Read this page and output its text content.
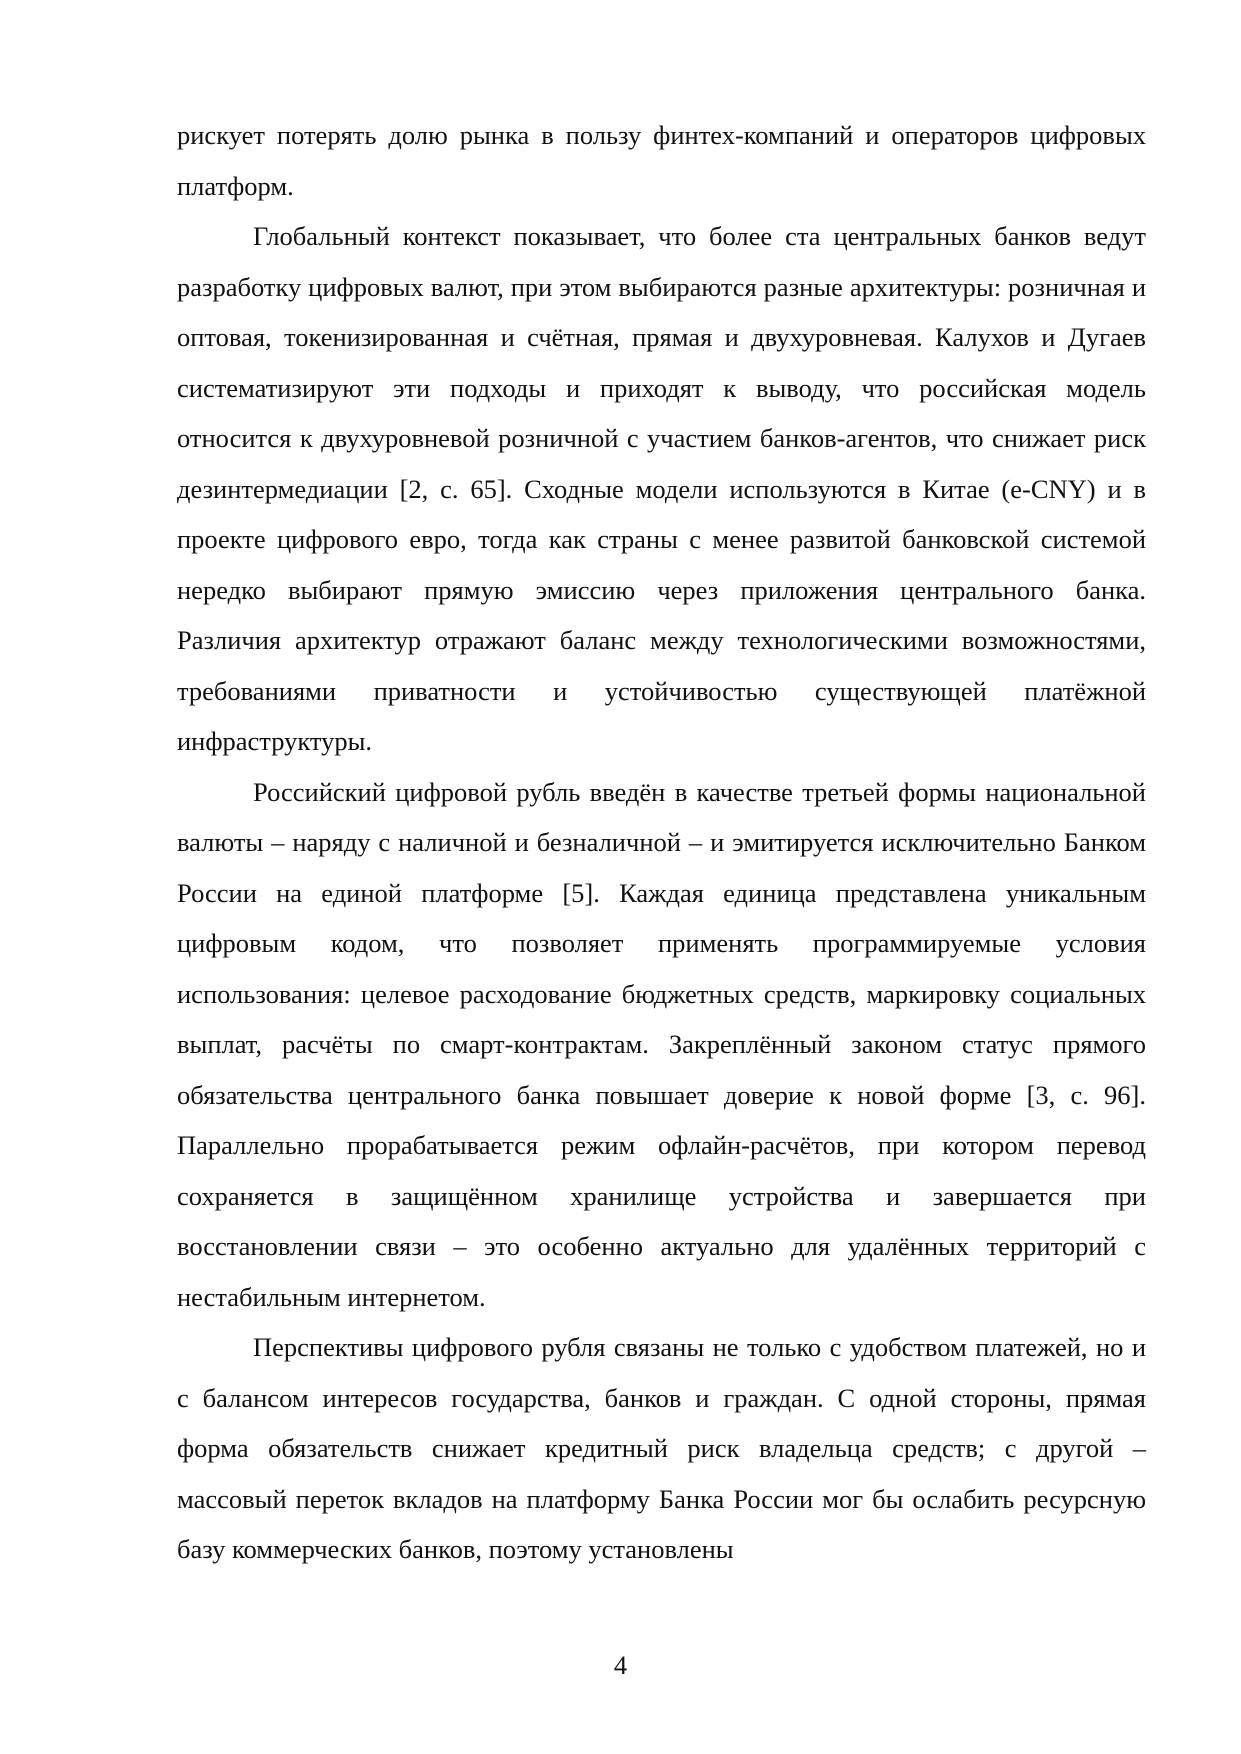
рискует потерять долю рынка в пользу финтех-компаний и операторов цифровых платформ.

Глобальный контекст показывает, что более ста центральных банков ведут разработку цифровых валют, при этом выбираются разные архитектуры: розничная и оптовая, токенизированная и счётная, прямая и двухуровневая. Калухов и Дугаев систематизируют эти подходы и приходят к выводу, что российская модель относится к двухуровневой розничной с участием банков-агентов, что снижает риск дезинтермедиации [2, с. 65]. Сходные модели используются в Китае (e-CNY) и в проекте цифрового евро, тогда как страны с менее развитой банковской системой нередко выбирают прямую эмиссию через приложения центрального банка. Различия архитектур отражают баланс между технологическими возможностями, требованиями приватности и устойчивостью существующей платёжной инфраструктуры.

Российский цифровой рубль введён в качестве третьей формы национальной валюты – наряду с наличной и безналичной – и эмитируется исключительно Банком России на единой платформе [5]. Каждая единица представлена уникальным цифровым кодом, что позволяет применять программируемые условия использования: целевое расходование бюджетных средств, маркировку социальных выплат, расчёты по смарт-контрактам. Закреплённый законом статус прямого обязательства центрального банка повышает доверие к новой форме [3, с. 96]. Параллельно прорабатывается режим офлайн-расчётов, при котором перевод сохраняется в защищённом хранилище устройства и завершается при восстановлении связи – это особенно актуально для удалённых территорий с нестабильным интернетом.

Перспективы цифрового рубля связаны не только с удобством платежей, но и с балансом интересов государства, банков и граждан. С одной стороны, прямая форма обязательств снижает кредитный риск владельца средств; с другой – массовый переток вкладов на платформу Банка России мог бы ослабить ресурсную базу коммерческих банков, поэтому установлены

4
